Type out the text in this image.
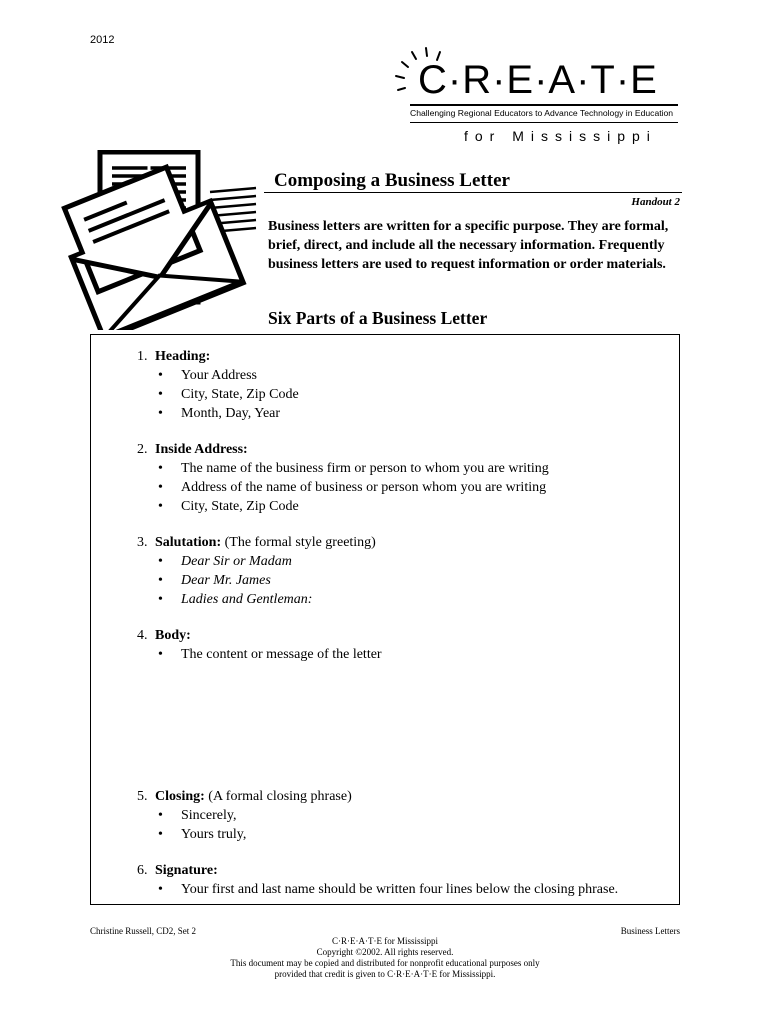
2012
C·R·E·A·T·E
Challenging Regional Educators to Advance Technology in Education
for Mississippi
Composing a Business Letter
Handout 2
Business letters are written for a specific purpose. They are formal, brief, direct, and include all the necessary information. Frequently business letters are used to request information or order materials.
Six Parts of a Business Letter

1. Heading:

• Your Address
• City, State, Zip Code
• Month, Day, Year

2. Inside Address:

• The name of the business firm or person to whom you are writing
• Address of the name of business or person whom you are writing
• City, State, Zip Code

3. Salutation: (The formal style greeting)

• Dear Sir or Madam
• Dear Mr. James
• Ladies and Gentleman:

4. Body:

• The content or message of the letter

5. Closing: (A formal closing phrase)

• Sincerely,
• Yours truly,

6. Signature:

• Your first and last name should be written four lines below the closing phrase.
Christine Russell, CD2, Set 2	Business Letters
C·R·E·A·T·E for Mississippi
Copyright ©2002. All rights reserved.
This document may be copied and distributed for nonprofit educational purposes only
provided that credit is given to C·R·E·A·T·E for Mississippi.
